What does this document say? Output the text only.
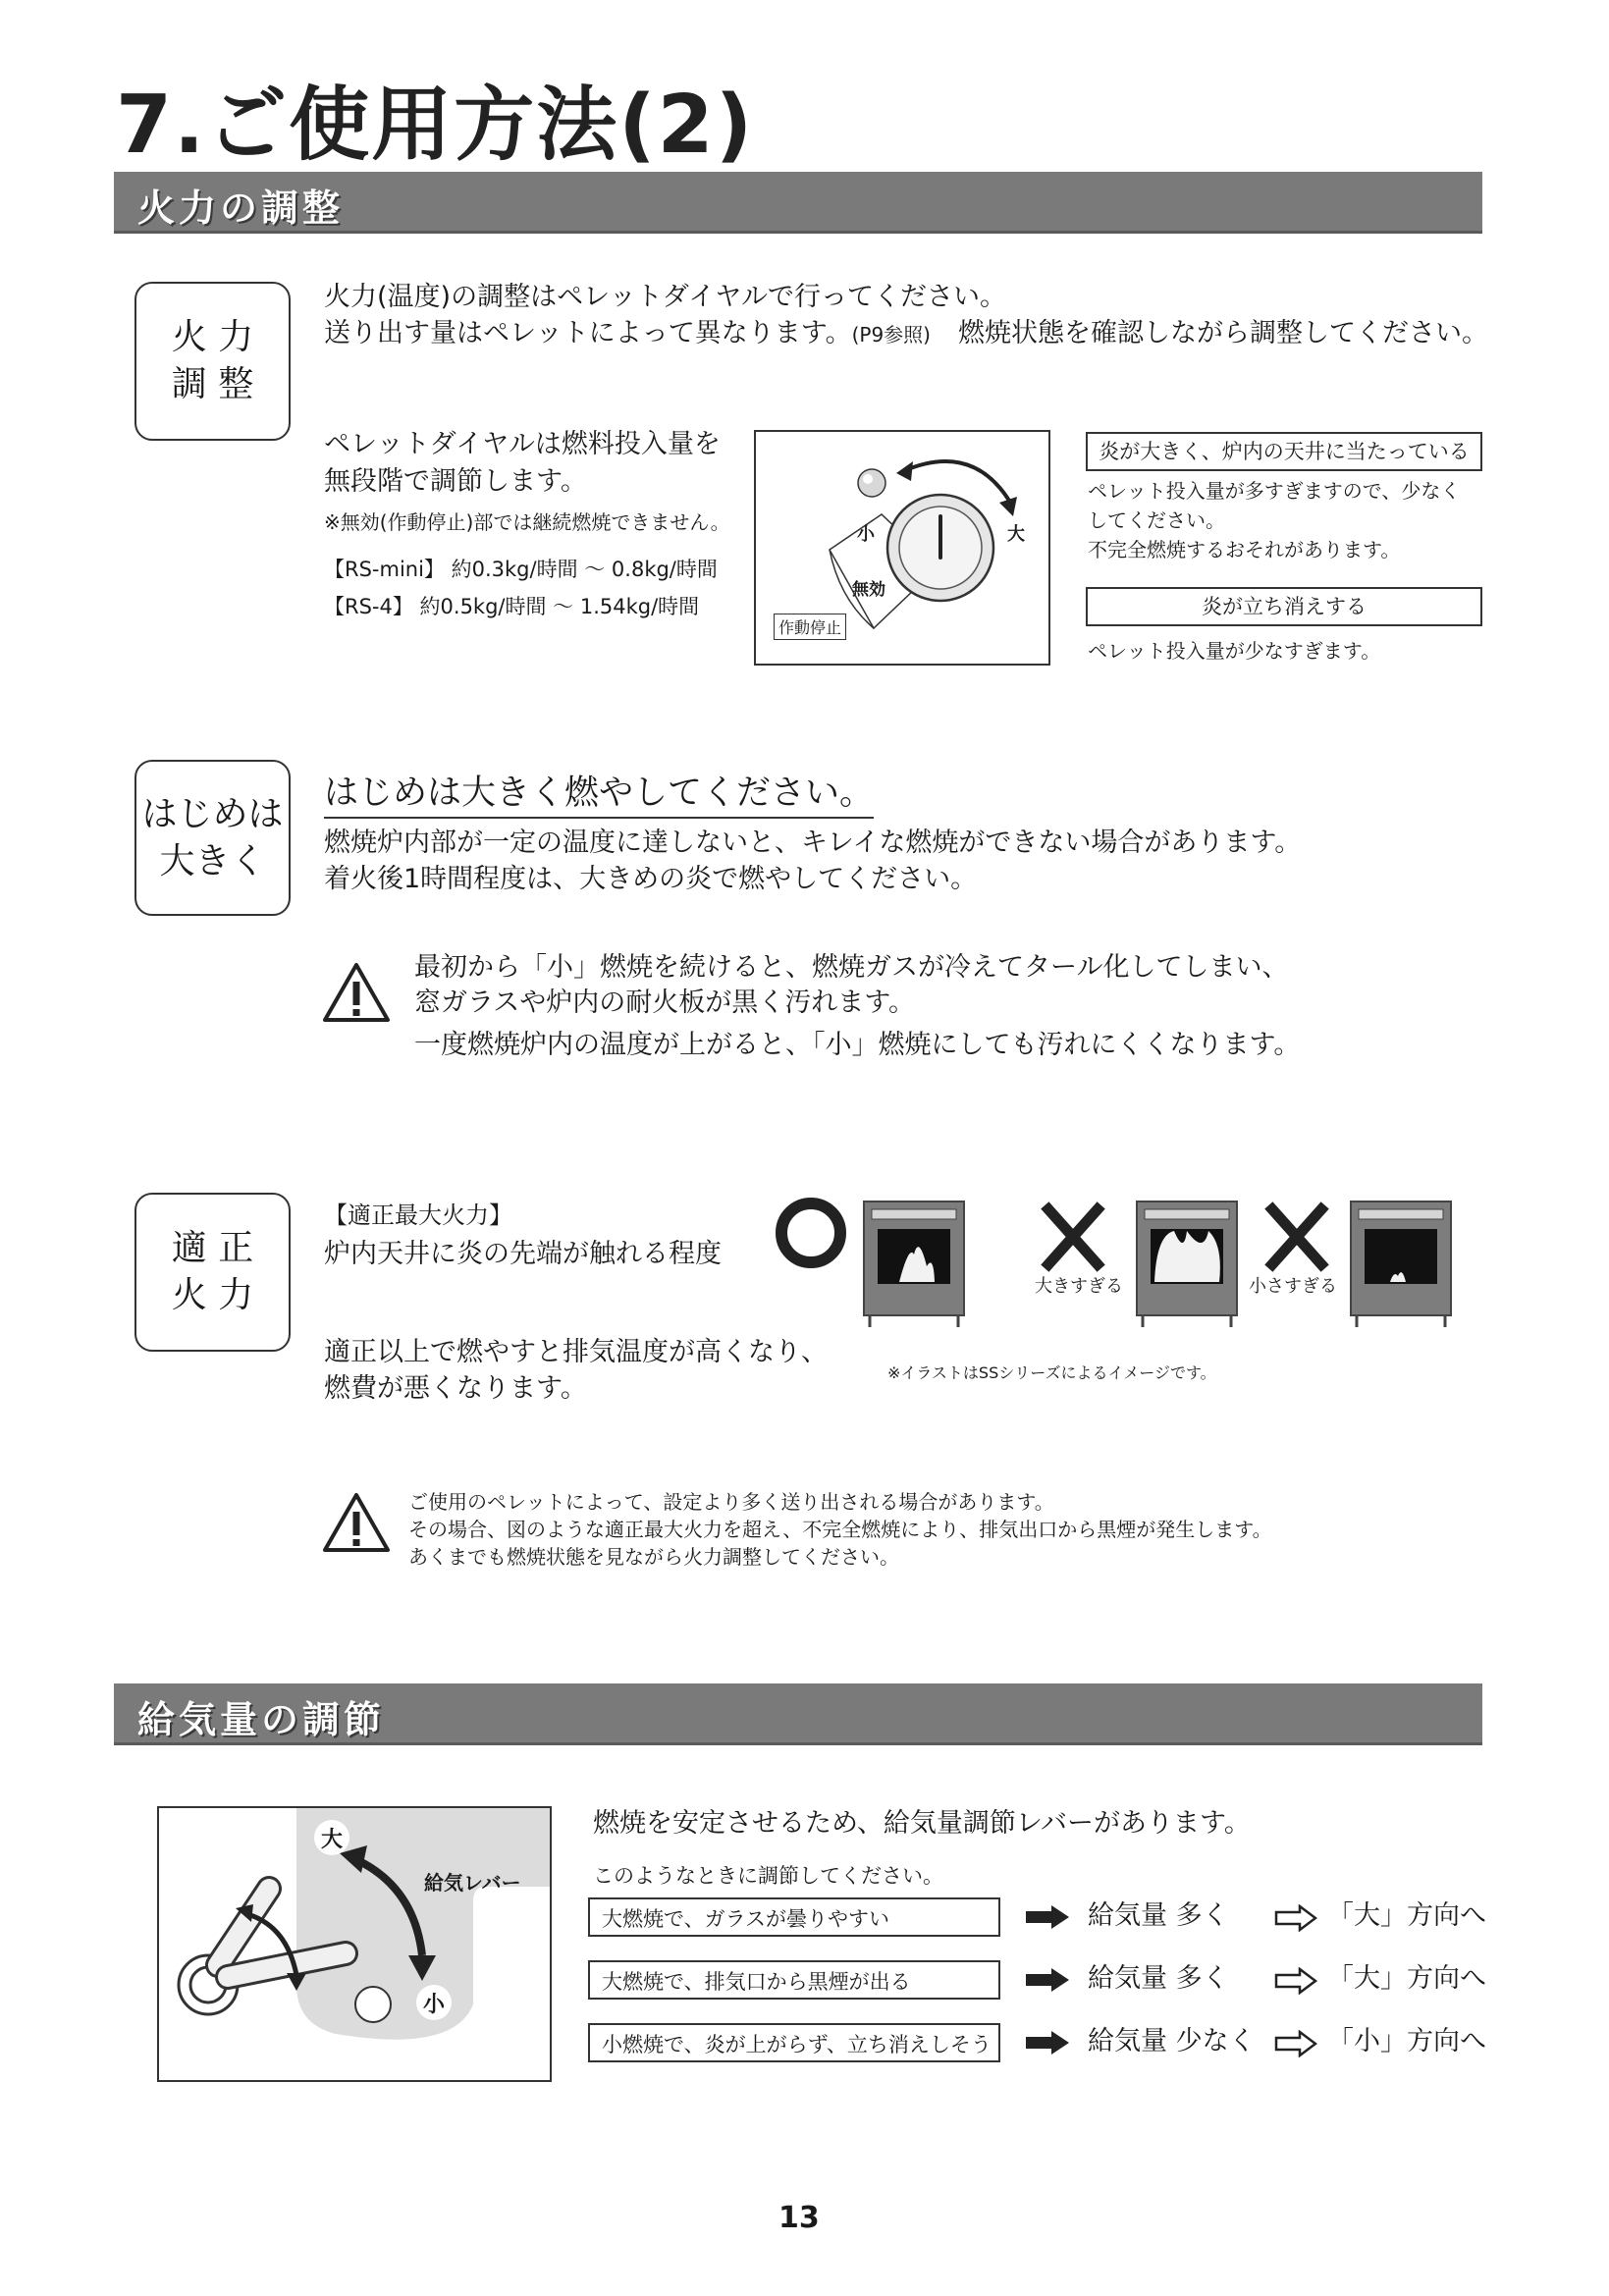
7.ご使用方法(2)
火力の調整
火 力
調 整
火力(温度)の調整はペレットダイヤルで行ってください。
送り出す量はペレットによって異なります。(P9参照) 燃焼状態を確認しながら調整してください。
ペレットダイヤルは燃料投入量を
無段階で調節します。
※無効(作動停止)部では継続燃焼できません。
【RS-mini】 約0.3kg/時間 ～ 0.8kg/時間
【RS-4】 約0.5kg/時間 ～ 1.54kg/時間
小	大
無効
作動停止
炎が大きく、炉内の天井に当たっている
ペレット投入量が多すぎますので、少なく
してください。
不完全燃焼するおそれがあります。
炎が立ち消えする
ペレット投入量が少なすぎます。
はじめは
大きく
はじめは大きく燃やしてください。
燃焼炉内部が一定の温度に達しないと、キレイな燃焼ができない場合があります。
着火後1時間程度は、大きめの炎で燃やしてください。
最初から「小」燃焼を続けると、燃焼ガスが冷えてタール化してしまい、
窓ガラスや炉内の耐火板が黒く汚れます。
一度燃焼炉内の温度が上がると、「小」燃焼にしても汚れにくくなります。
適 正
火 力
【適正最大火力】
炉内天井に炎の先端が触れる程度
適正以上で燃やすと排気温度が高くなり、
燃費が悪くなります。
大きすぎる	小さすぎる
※イラストはSSシリーズによるイメージです。
ご使用のペレットによって、設定より多く送り出される場合があります。
その場合、図のような適正最大火力を超え、不完全燃焼により、排気出口から黒煙が発生します。
あくまでも燃焼状態を見ながら火力調整してください。
給気量の調節
大
小
給気レバー
燃焼を安定させるため、給気量調節レバーがあります。
このようなときに調節してください。
大燃焼で、ガラスが曇りやすい	給気量 多く	「大」方向へ
大燃焼で、排気口から黒煙が出る	給気量 多く	「大」方向へ
小燃焼で、炎が上がらず、立ち消えしそう	給気量 少なく	「小」方向へ
13
